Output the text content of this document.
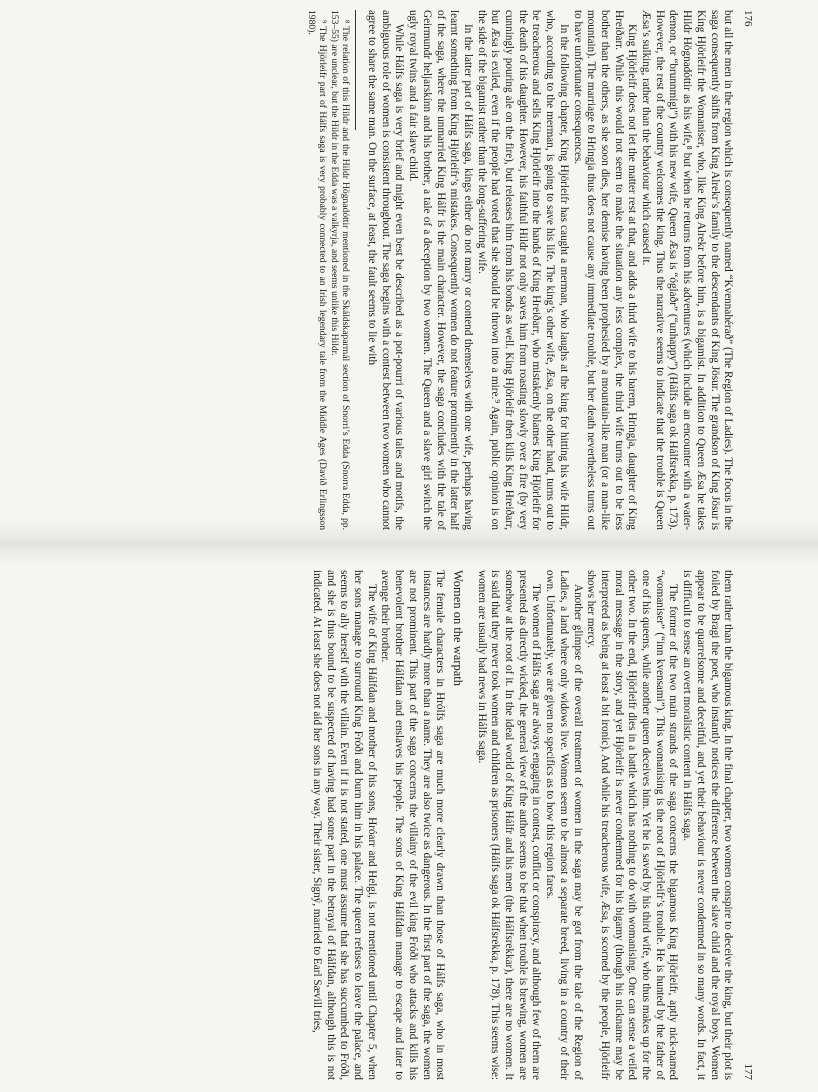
176

but all the men in the region which is consequently named “Kvennahérað” (The Region of Ladies). The focus in the saga consequently shifts from King Alrekr’s family to the descendants of King Jösur. The grandson of King Jösur is King Hjörleifr the Womaniser, who, like King Alrekr before him, is a bigamist. In addition to Queen Æsa he takes Hildr Högnadóttir as his wife,⁸ but when he returns from his adventures (which include an encounter with a water-demon, or “brunnmigi”) with his new wife, Queen Æsa is “óglaðr” (“unhappy”) (Hálfs saga ok Hálfsrekka, p. 173). However, the rest of the country welcomes the king. Thus the narrative seems to indicate that the trouble is Queen Æsa’s sulking, rather than the behaviour which caused it.

King Hjörleifr does not let the matter rest at that, and adds a third wife to his harem, Hringja, daughter of King Hreiðarr. While this would not seem to make the situation any less complex, the third wife turns out to be less bother than the others, as she soon dies, her demise having been prophesied by a mountain-like man (or a man-like mountain). The marriage to Hringja thus does not cause any immediate trouble, but her death nevertheless turns out to have unfortunate consequences.

In the following chapter, King Hjörleifr has caught a merman, who laughs at the king for hitting his wife Hildr, who, according to the merman, is going to save his life. The king’s other wife, Æsa, on the other hand, turns out to be treacherous and sells King Hjörleifr into the hands of King Hreiðarr, who mistakenly blames King Hjörleifr for the death of his daughter. However, his faithful Hildr not only saves him from roasting slowly over a fire (by very cunningly pouring ale on the fire), but releases him from his bonds as well. King Hjörleifr then kills King Hreiðarr, but Æsa is exiled, even if the people had voted that she should be thrown into a mire.⁹ Again, public opinion is on the side of the bigamist rather than the long-suffering wife.

In the latter part of Hálfs saga, kings either do not marry or contend themselves with one wife, perhaps having learnt something from King Hjörleifr’s mistakes. Consequently women do not feature prominently in the latter half of the saga, where the unmarried King Hálfr is the main character. However, the saga concludes with the tale of Geirmundr heljarskínn and his brother, a tale of a deception by two women. The Queen and a slave girl switch the ugly royal twins and a fair slave child.

While Hálfs saga is very brief and might even best be described as a pot-pourri of various tales and motifs, the ambiguous role of women is consistent throughout. The saga begins with a contest between two women who cannot agree to share the same man. On the surface, at least, the fault seems to lie with

⁸ The relation of this Hildr and the Hildr Högnadóttir mentioned in the Skáldskaparmál section of Snorri’s Edda (Snorra Edda, pp. 153–55) are unclear, but the Hildr in the Edda was a valkyrja, and seems unlike this Hildr.

⁹ The Hjörleifr part of Hálfs saga is very probably connected to an Irish legendary tale from the Middle Ages (Davið Erlingsson 1980).

177

them rather than the bigamous king. In the final chapter, two women conspire to deceive the king, but their plot is foiled by Bragi the poet, who instantly notices the difference between the slave child and the royal boys. Women appear to be quarrelsome and deceitful, and yet their behaviour is never condemned in so many words. In fact, it is difficult to sense an overt moralistic content in Hálfs saga.

The former of the two main strands of the saga concerns the bigamous King Hjörleifr, aptly nick-named “womaniser” (“inn kvensami”). This womanising is the root of Hjörleifr’s trouble. He is hunted by the father of one of his queens, while another queen deceives him. Yet he is saved by his third wife, who thus makes up for the other two. In the end, Hjörleifr dies in a battle which has nothing to do with womanising. One can sense a veiled moral message in the story, and yet Hjörleifr is never condemned for his bigamy (though his nickname may be interpreted as being at least a bit ironic). And while his treacherous wife, Æsa, is scorned by the people, Hjörleifr shows her mercy.

Another glimpse of the overall treatment of women in the saga may be got from the tale of the Region of Ladies, a land where only widows live. Women seem to be almost a separate breed, living in a country of their own. Unfortunately, we are given no specifics as to how this region fares.

The women of Hálfs saga are always engaging in contest, conflict or conspiracy, and although few of them are presented as directly wicked, the general view of the author seems to be that when trouble is brewing, women are somehow at the root of it. In the ideal world of King Hálfr and his men (the Hálfsrekkar), there are no women. It is said that they never took women and children as prisoners (Hálfs saga ok Hálfsrekka, p. 178). This seems wise: women are usually bad news in Hálfs saga.

Women on the warpath

The female characters in Hrólfs saga are much more clearly drawn than those of Hálfs saga, who in most instances are hardly more than a name. They are also twice as dangerous. In the first part of the saga, the women are not prominent. This part of the saga concerns the villainy of the evil king Fróði who attacks and kills his benevolent brother Hálfdan and enslaves his people. The sons of King Hálfdan manage to escape and later to avenge their brother.

The wife of King Hálfdan and mother of his sons, Hróarr and Helgi, is not mentioned until Chapter 5, when her sons manage to surround King Fróði and burn him in his palace. The queen refuses to leave the palace, and seems to ally herself with the villain. Even if it is not stated, one must assume that she has succumbed to Fróði, and she is thus bound to be suspected of having had some part in the betrayal of Hálfdan, although this is not indicated. At least she does not aid her sons in any way. Their sister, Signý, married to Earl Sævill tries,
